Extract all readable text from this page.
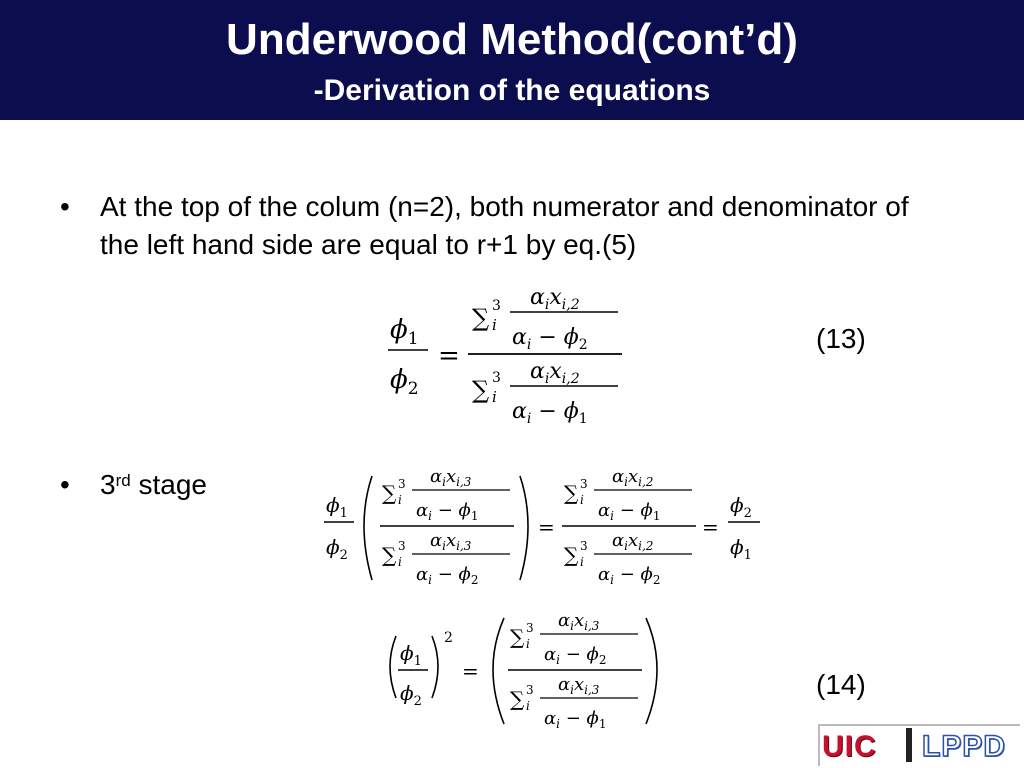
Underwood Method(cont’d)
-Derivation of the equations
• At the top of the colum (n=2), both numerator and denominator of the left hand side are equal to r+1 by eq.(5)
$\phi_1$
$\phi_2$
=
∑ 3
i
$\alpha_ix_{i,2}$
$\alpha_i - \phi_2$
∑ 3
i
$\alpha_ix_{i,2}$
$\alpha_i - \phi_1$
(13)
• 3rd stage
$\phi_1$
$\phi_2$
∑ 3
i
$\alpha_ix_{i,3}$
$\alpha_i - \phi_1$
∑ 3
i
$\alpha_ix_{i,3}$
$\alpha_i - \phi_2$
=
∑ 3
i
$\alpha_ix_{i,2}$
$\alpha_i - \phi_1$
∑ 3
i
$\alpha_ix_{i,2}$
$\alpha_i - \phi_2$
=
$\phi_2$
$\phi_1$
$\phi_1$
$\phi_2$
2
=
∑ 3
i
$\alpha_ix_{i,3}$
$\alpha_i - \phi_2$
∑ 3
i
$\alpha_ix_{i,3}$
$\alpha_i - \phi_1$
(14)
UIC LPPD
